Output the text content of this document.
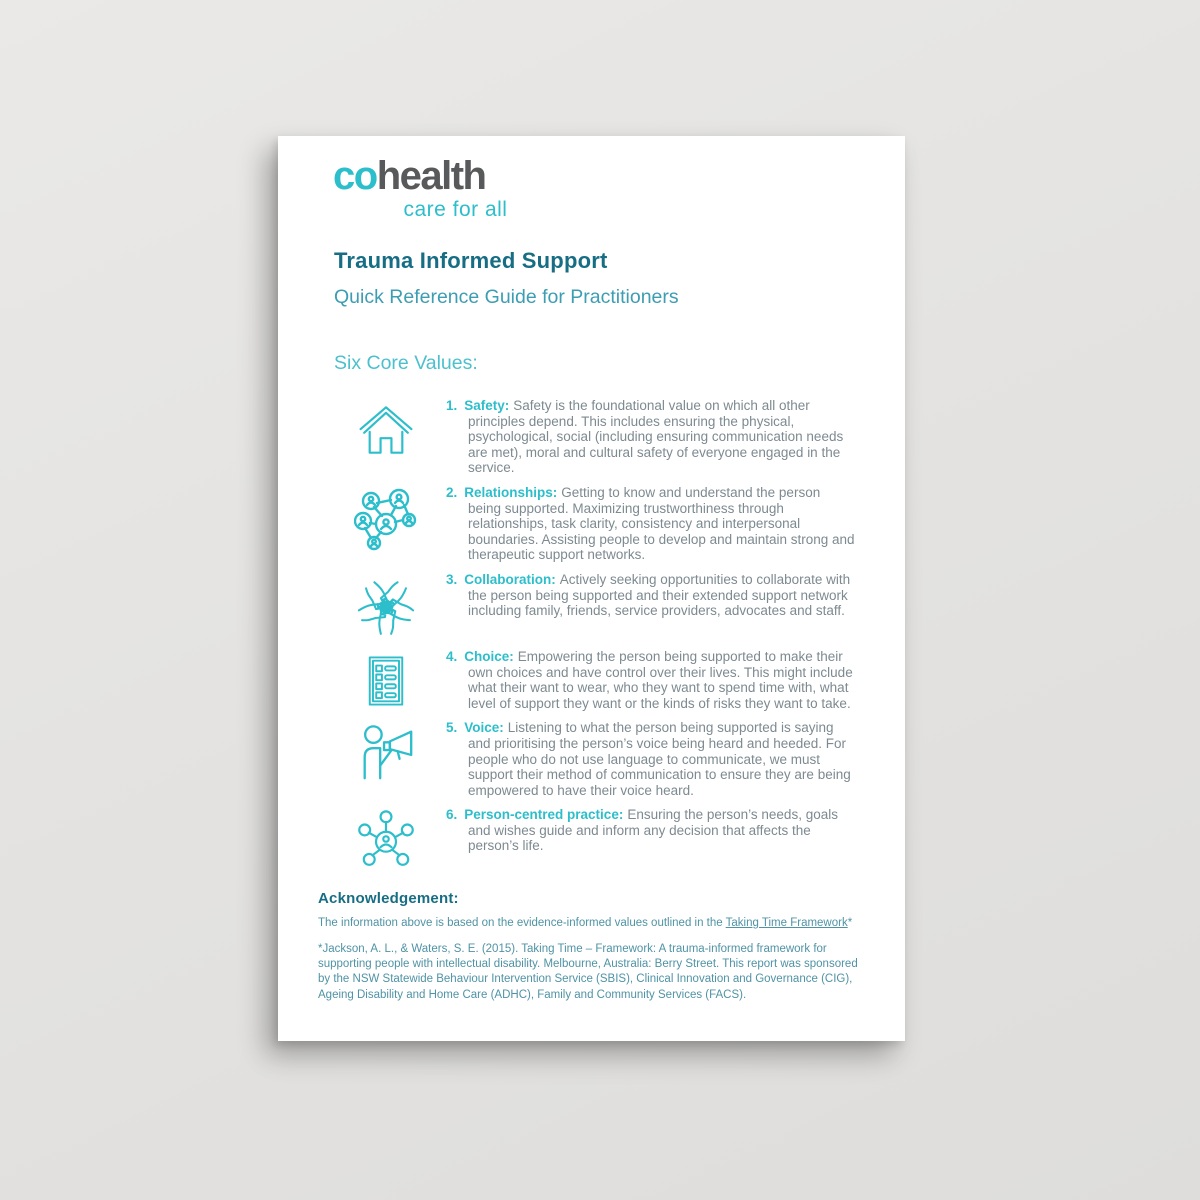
cohealth
care for all
Trauma Informed Support
Quick Reference Guide for Practitioners
Six Core Values:
1. Safety: Safety is the foundational value on which all other principles depend. This includes ensuring the physical, psychological, social (including ensuring communication needs are met), moral and cultural safety of everyone engaged in the service.
2. Relationships: Getting to know and understand the person being supported. Maximizing trustworthiness through relationships, task clarity, consistency and interpersonal boundaries. Assisting people to develop and maintain strong and therapeutic support networks.
3. Collaboration: Actively seeking opportunities to collaborate with the person being supported and their extended support network including family, friends, service providers, advocates and staff.
4. Choice: Empowering the person being supported to make their own choices and have control over their lives. This might include what their want to wear, who they want to spend time with, what level of support they want or the kinds of risks they want to take.
5. Voice: Listening to what the person being supported is saying and prioritising the person’s voice being heard and heeded. For people who do not use language to communicate, we must support their method of communication to ensure they are being empowered to have their voice heard.
6. Person-centred practice: Ensuring the person’s needs, goals and wishes guide and inform any decision that affects the person’s life.
Acknowledgement:
The information above is based on the evidence-informed values outlined in the Taking Time Framework*
*Jackson, A. L., & Waters, S. E. (2015). Taking Time – Framework: A trauma-informed framework for supporting people with intellectual disability. Melbourne, Australia: Berry Street. This report was sponsored by the NSW Statewide Behaviour Intervention Service (SBIS), Clinical Innovation and Governance (CIG), Ageing Disability and Home Care (ADHC), Family and Community Services (FACS).
